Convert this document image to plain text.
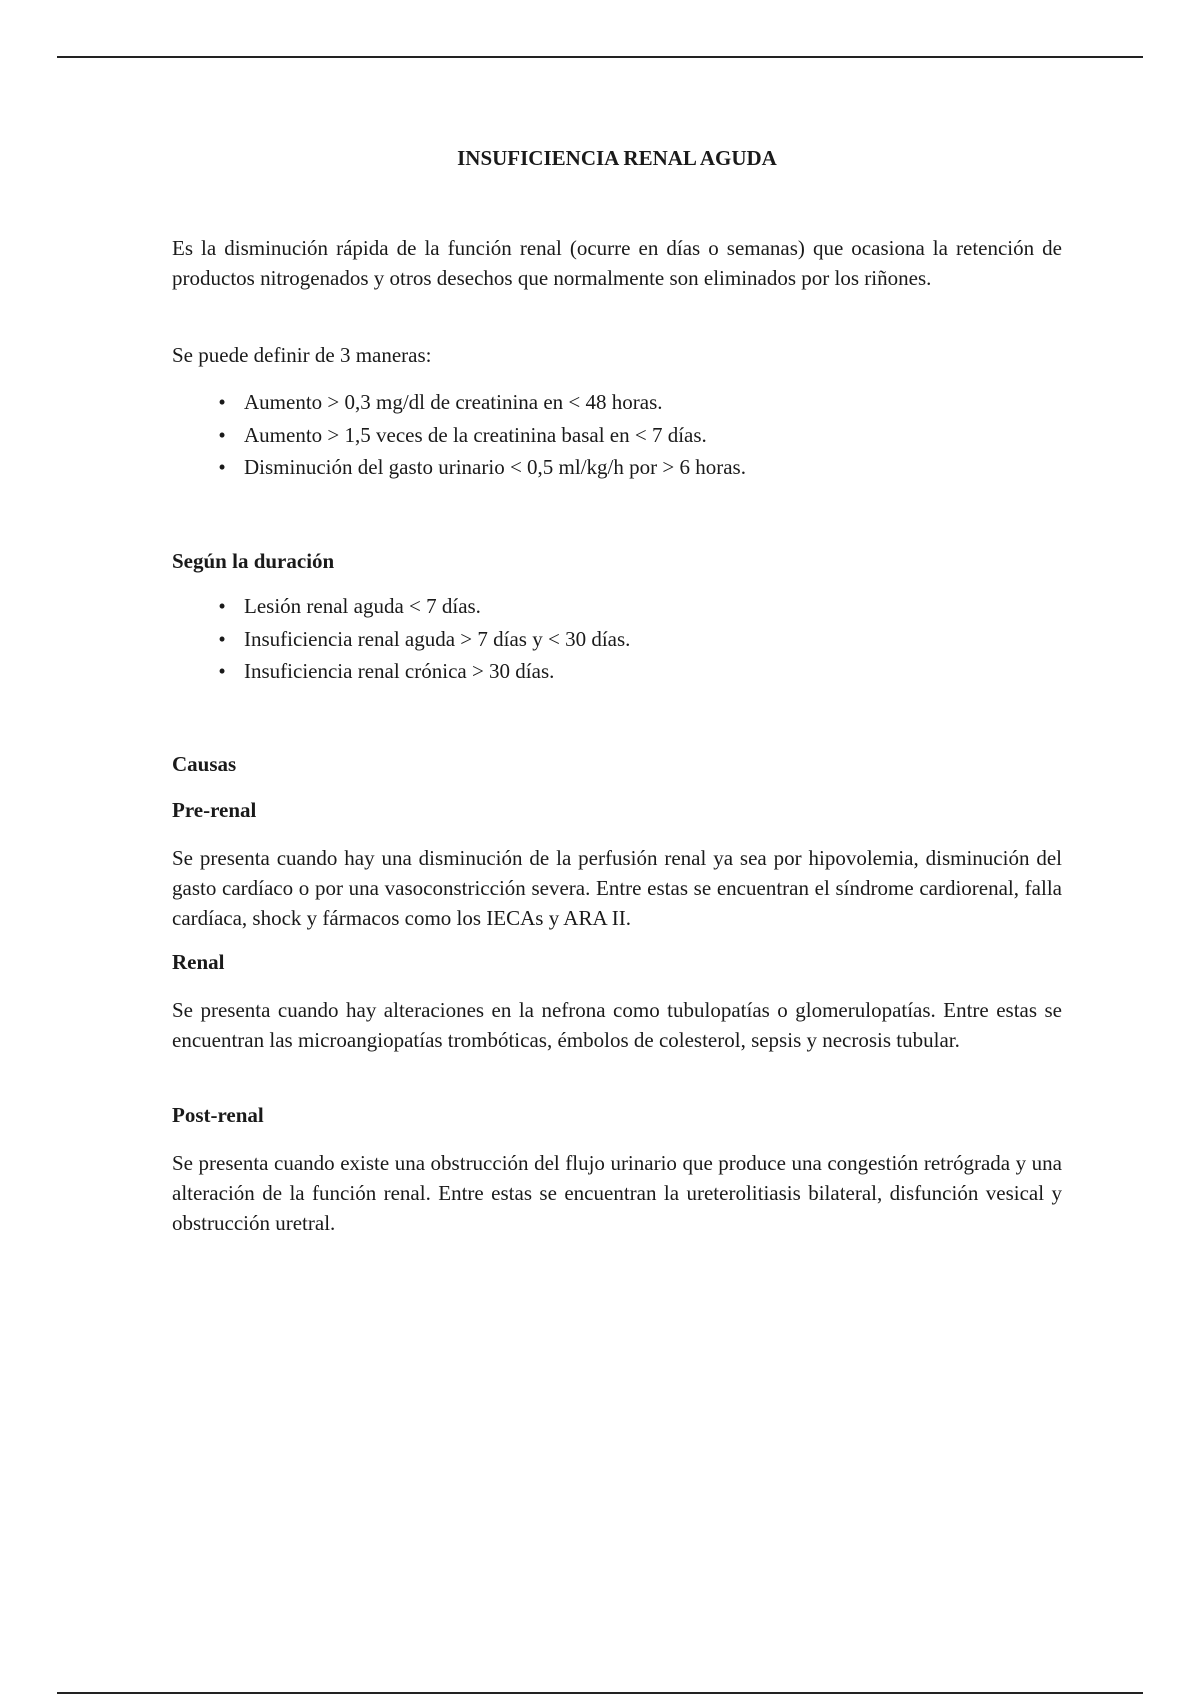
INSUFICIENCIA RENAL AGUDA

Es la disminución rápida de la función renal (ocurre en días o semanas) que ocasiona la retención de productos nitrogenados y otros desechos que normalmente son eliminados por los riñones.

Se puede definir de 3 maneras:

• Aumento > 0,3 mg/dl de creatinina en < 48 horas.
• Aumento > 1,5 veces de la creatinina basal en < 7 días.
• Disminución del gasto urinario < 0,5 ml/kg/h por > 6 horas.

Según la duración

• Lesión renal aguda < 7 días.
• Insuficiencia renal aguda > 7 días y < 30 días.
• Insuficiencia renal crónica > 30 días.

Causas

Pre-renal

Se presenta cuando hay una disminución de la perfusión renal ya sea por hipovolemia, disminución del gasto cardíaco o por una vasoconstricción severa. Entre estas se encuentran el síndrome cardiorenal, falla cardíaca, shock y fármacos como los IECAs y ARA II.

Renal

Se presenta cuando hay alteraciones en la nefrona como tubulopatías o glomerulopatías. Entre estas se encuentran las microangiopatías trombóticas, émbolos de colesterol, sepsis y necrosis tubular.

Post-renal

Se presenta cuando existe una obstrucción del flujo urinario que produce una congestión retrógrada y una alteración de la función renal. Entre estas se encuentran la ureterolitiasis bilateral, disfunción vesical y obstrucción uretral.
